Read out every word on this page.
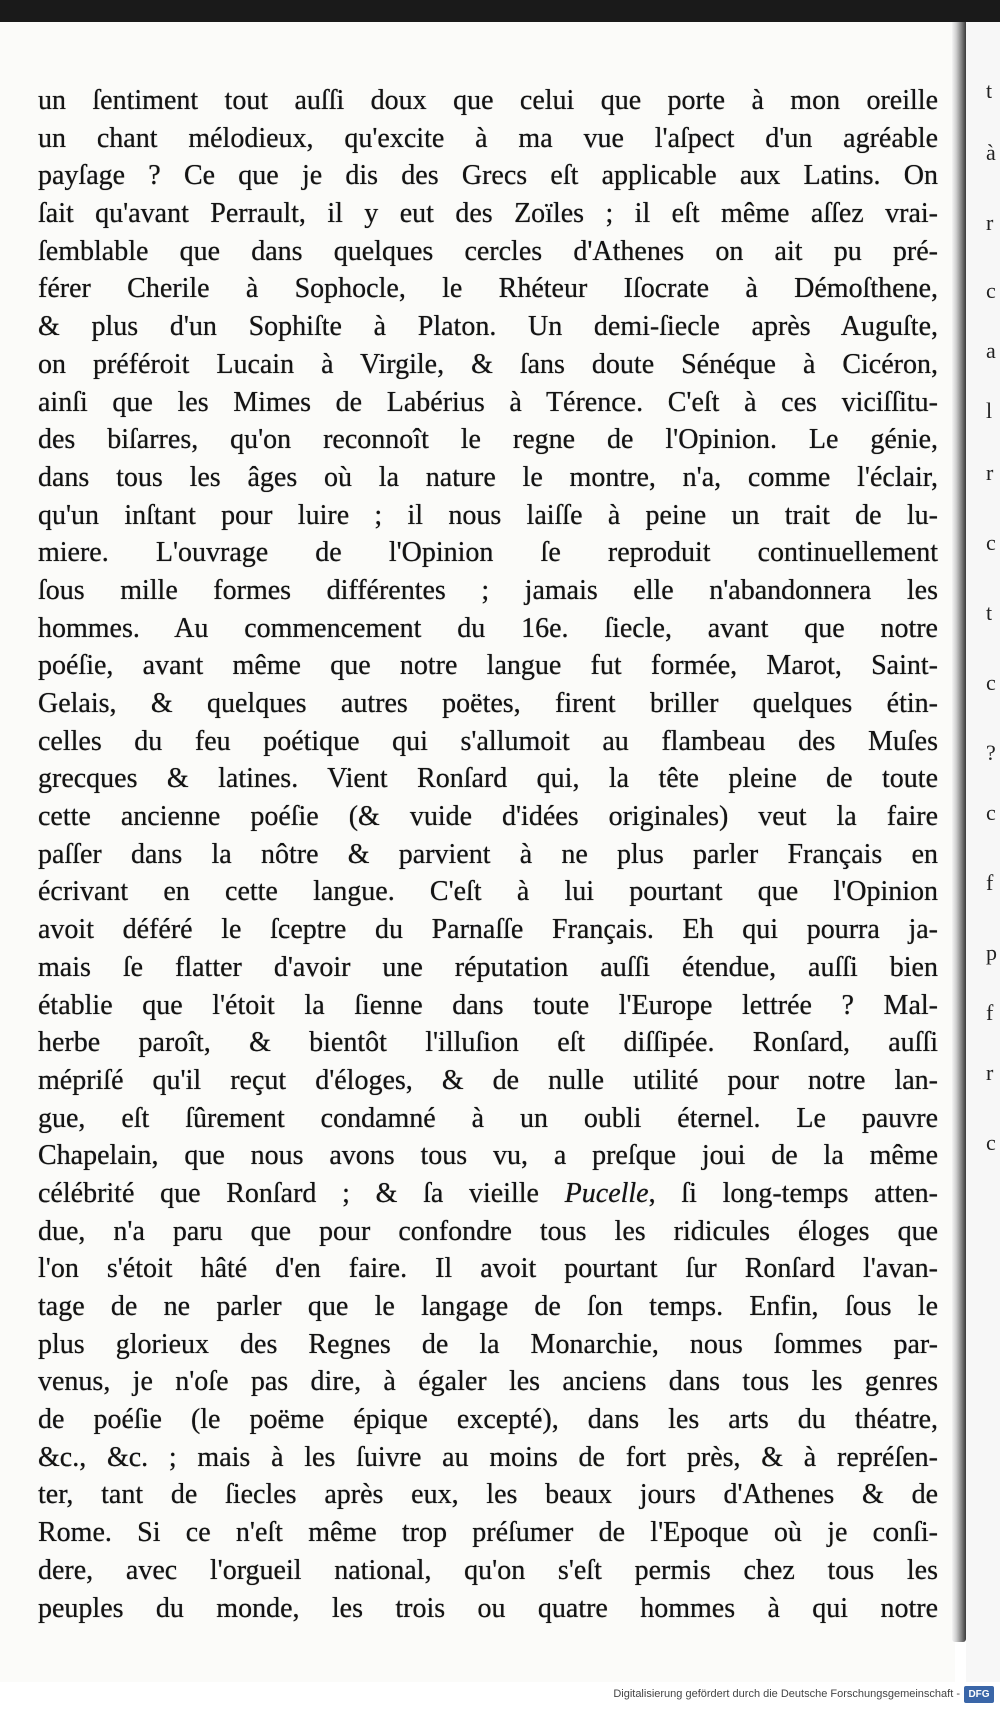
un ſentiment tout auſſi doux que celui que porte à mon oreille
un chant mélodieux, qu'excite à ma vue l'aſpect d'un agréable
payſage ? Ce que je dis des Grecs eſt applicable aux Latins. On
ſait qu'avant Perrault, il y eut des Zoïles ; il eſt même aſſez vrai-
ſemblable que dans quelques cercles d'Athenes on ait pu pré-
férer Cherile à Sophocle, le Rhéteur Iſocrate à Démoſthene,
& plus d'un Sophiſte à Platon. Un demi-ſiecle après Auguſte,
on préféroit Lucain à Virgile, & ſans doute Sénéque à Cicéron,
ainſi que les Mimes de Labérius à Térence. C'eſt à ces viciſſitu-
des biſarres, qu'on reconnoît le regne de l'Opinion. Le génie,
dans tous les âges où la nature le montre, n'a, comme l'éclair,
qu'un inſtant pour luire ; il nous laiſſe à peine un trait de lu-
miere. L'ouvrage de l'Opinion ſe reproduit continuellement
ſous mille formes différentes ; jamais elle n'abandonnera les
hommes. Au commencement du 16e. ſiecle, avant que notre
poéſie, avant même que notre langue fut formée, Marot, Saint-
Gelais, & quelques autres poëtes, firent briller quelques étin-
celles du feu poétique qui s'allumoit au flambeau des Muſes
grecques & latines. Vient Ronſard qui, la tête pleine de toute
cette ancienne poéſie (& vuide d'idées originales) veut la faire
paſſer dans la nôtre & parvient à ne plus parler Français en
écrivant en cette langue. C'eſt à lui pourtant que l'Opinion
avoit déféré le ſceptre du Parnaſſe Français. Eh qui pourra ja-
mais ſe flatter d'avoir une réputation auſſi étendue, auſſi bien
établie que l'étoit la ſienne dans toute l'Europe lettrée ? Mal-
herbe paroît, & bientôt l'illuſion eſt diſſipée. Ronſard, auſſi
mépriſé qu'il reçut d'éloges, & de nulle utilité pour notre lan-
gue, eſt ſûrement condamné à un oubli éternel. Le pauvre
Chapelain, que nous avons tous vu, a preſque joui de la même
célébrité que Ronſard ; & ſa vieille Pucelle, ſi long-temps atten-
due, n'a paru que pour confondre tous les ridicules éloges que
l'on s'étoit hâté d'en faire. Il avoit pourtant ſur Ronſard l'avan-
tage de ne parler que le langage de ſon temps. Enfin, ſous le
plus glorieux des Regnes de la Monarchie, nous ſommes par-
venus, je n'oſe pas dire, à égaler les anciens dans tous les genres
de poéſie (le poëme épique excepté), dans les arts du théatre,
&c., &c. ; mais à les ſuivre au moins de fort près, & à repréſen-
ter, tant de ſiecles après eux, les beaux jours d'Athenes & de
Rome. Si ce n'eſt même trop préſumer de l'Epoque où je conſi-
dere, avec l'orgueil national, qu'on s'eſt permis chez tous les
peuples du monde, les trois ou quatre hommes à qui notre
Digitalisierung gefördert durch die Deutsche Forschungsgemeinschaft - DFG
t
à
r
c
a
l
r
c
t
c
?
c
f
p
f
r
c
